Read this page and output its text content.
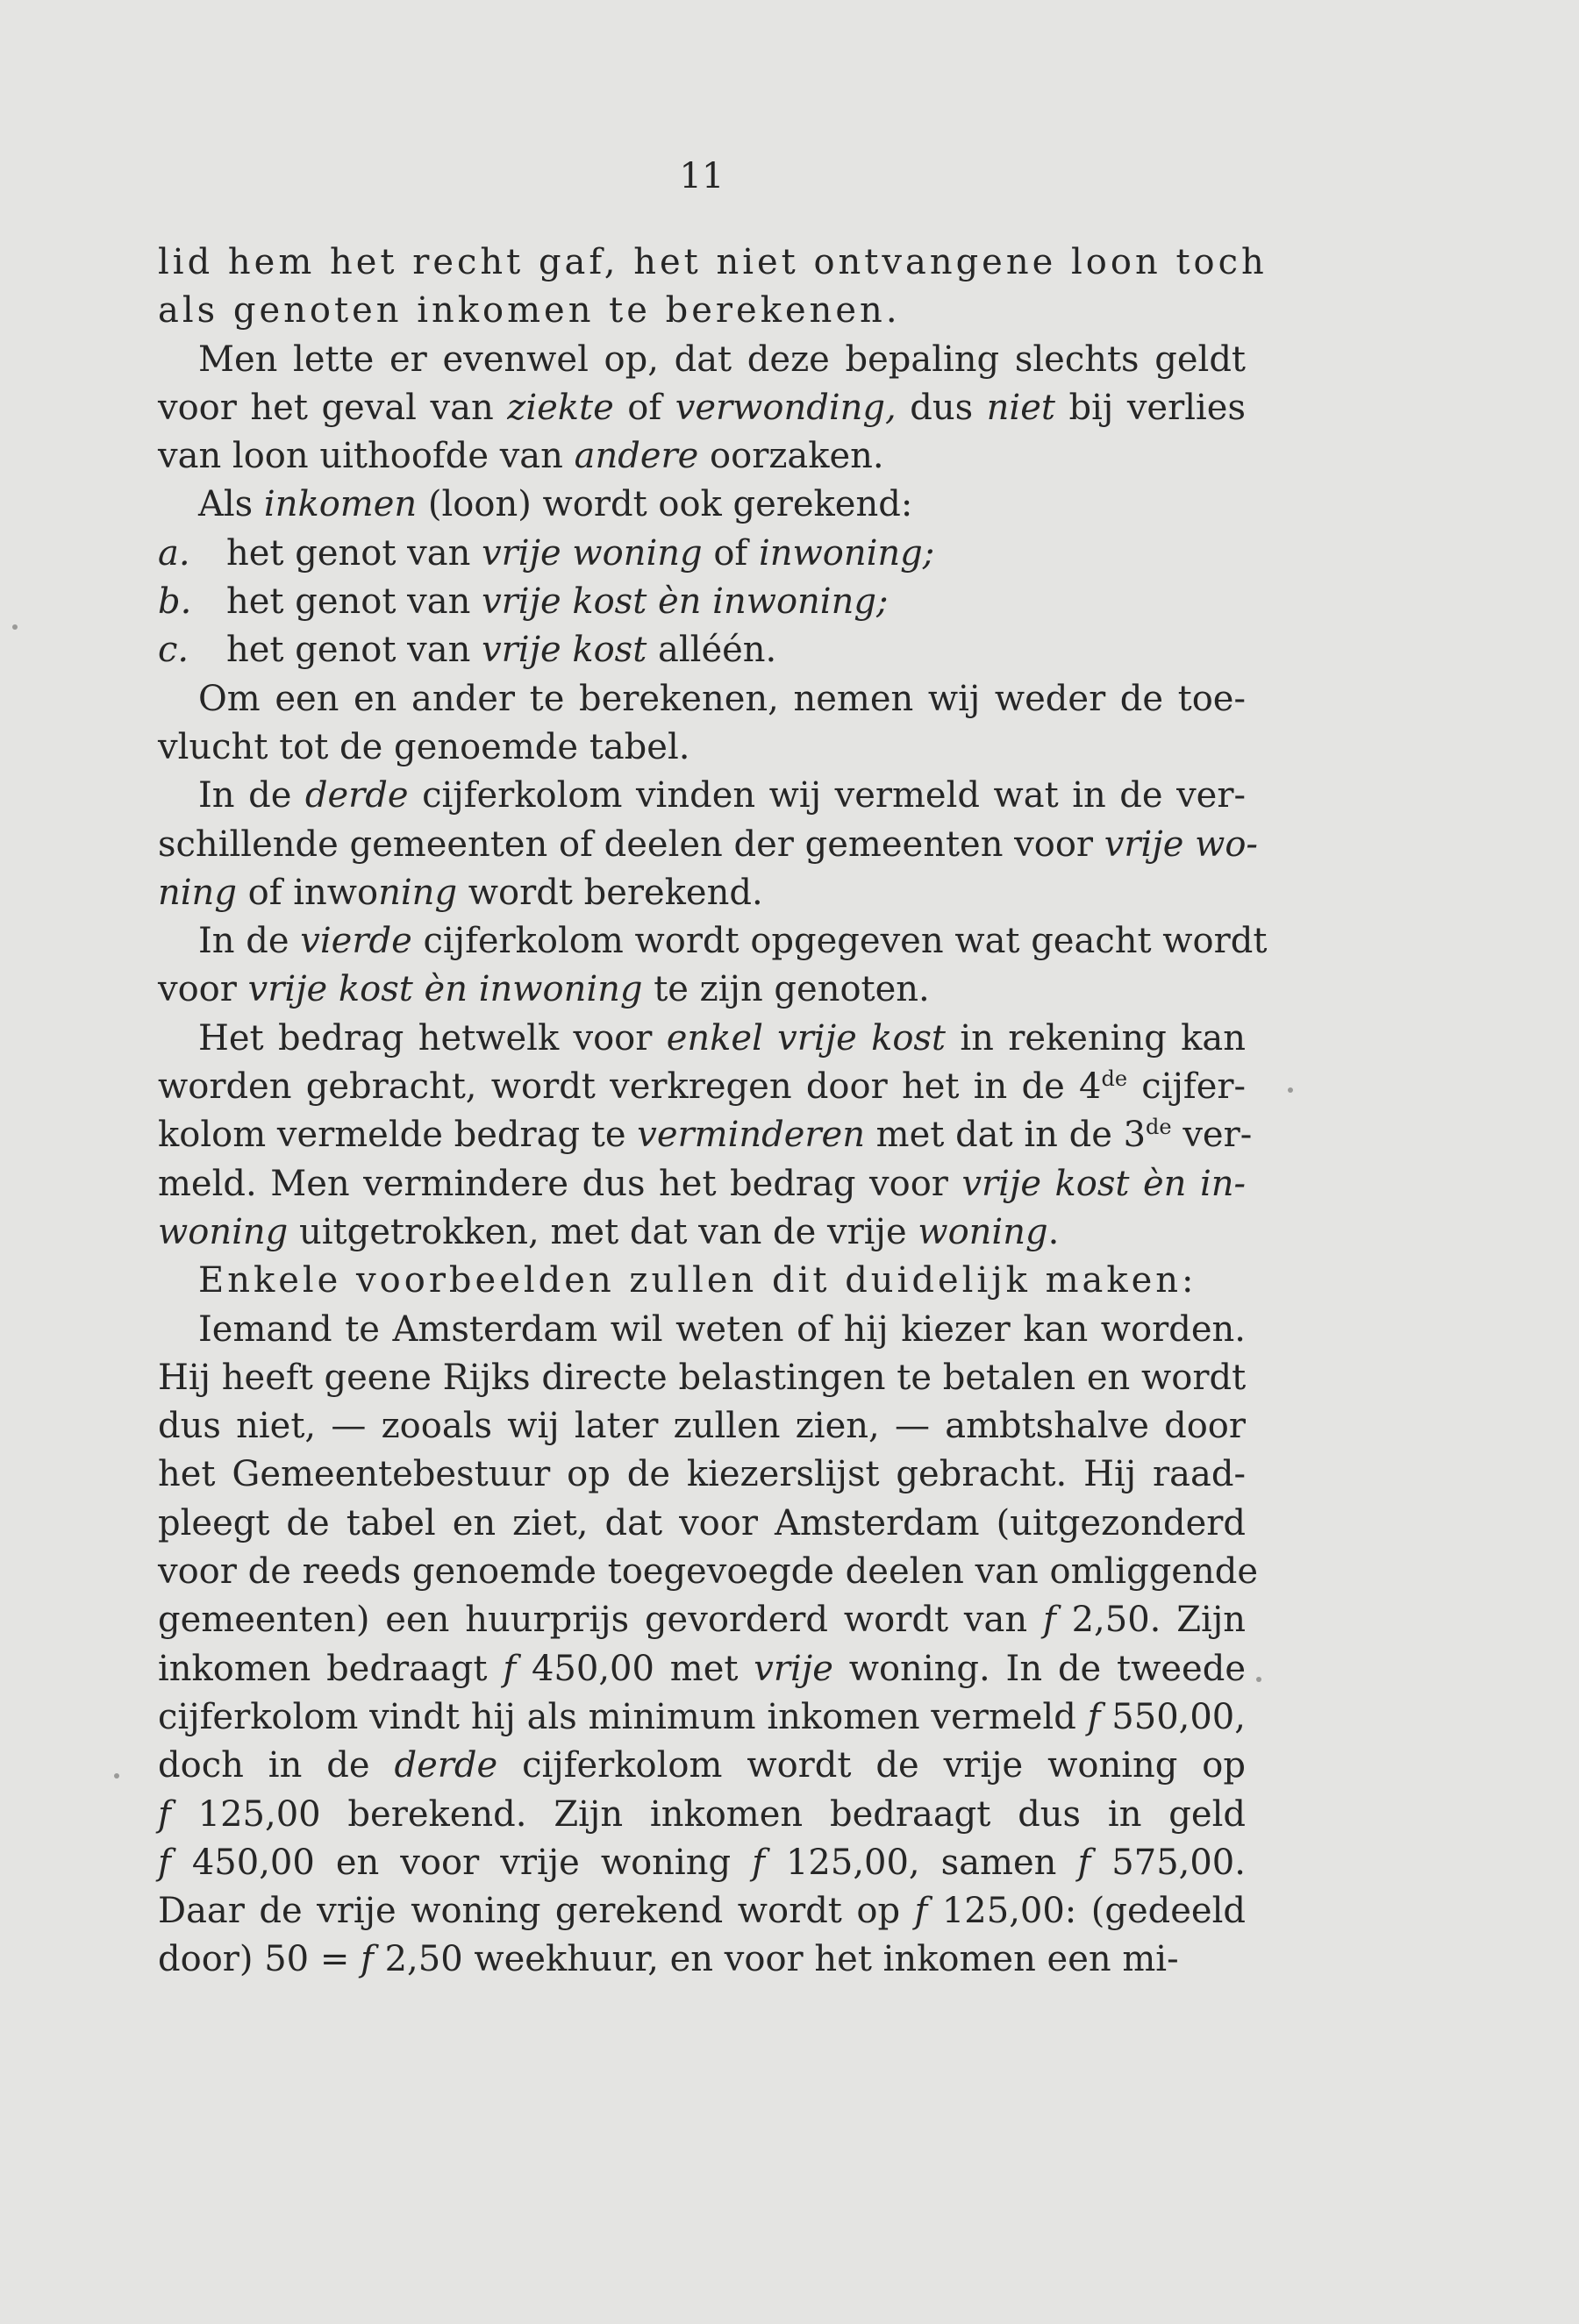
11
lid hem het recht gaf, het niet ontvangene loon toch
als genoten inkomen te berekenen.
Men lette er evenwel op, dat deze bepaling slechts geldt
voor het geval van ziekte of verwonding, dus niet bij verlies
van loon uithoofde van andere oorzaken.
Als inkomen (loon) wordt ook gerekend:
a.	het genot van vrije woning of inwoning;
b. het genot van vrije kost èn inwoning;
c.	het genot van vrije kost alléén.
Om een en ander te berekenen, nemen wij weder de toe-
vlucht tot de genoemde tabel.
In de derde cijferkolom vinden wij vermeld wat in de ver-
schillende gemeenten of deelen der gemeenten voor vrije wo-
ning of inwoning wordt berekend.
In de vierde cijferkolom wordt opgegeven wat geacht wordt
voor vrije kost èn inwoning te zijn genoten.
Het bedrag hetwelk voor enkel vrije kost in rekening kan
worden gebracht, wordt verkregen door het in de 4de cijfer-
kolom vermelde bedrag te verminderen met dat in de 3de ver-
meld. Men vermindere dus het bedrag voor vrije kost èn in-
woning uitgetrokken, met dat van de vrije woning.
Enkele voorbeelden zullen dit duidelijk maken:
Iemand te Amsterdam wil weten of hij kiezer kan worden.
Hij heeft geene Rijks directe belastingen te betalen en wordt
dus niet, — zooals wij later zullen zien, — ambtshalve door
het Gemeentebestuur op de kiezerslijst gebracht. Hij raad-
pleegt de tabel en ziet, dat voor Amsterdam (uitgezonderd
voor de reeds genoemde toegevoegde deelen van omliggende
gemeenten) een huurprijs gevorderd wordt van f 2,50. Zijn
inkomen bedraagt f 450,00 met vrije woning. In de tweede
cijferkolom vindt hij als minimum inkomen vermeld f 550,00,
doch in de derde cijferkolom wordt de vrije woning op
f 125,00 berekend. Zijn inkomen bedraagt dus in geld
f 450,00 en voor vrije woning f 125,00, samen f 575,00.
Daar de vrije woning gerekend wordt op f 125,00: (gedeeld
door) 50 = f 2,50 weekhuur, en voor het inkomen een mi-
